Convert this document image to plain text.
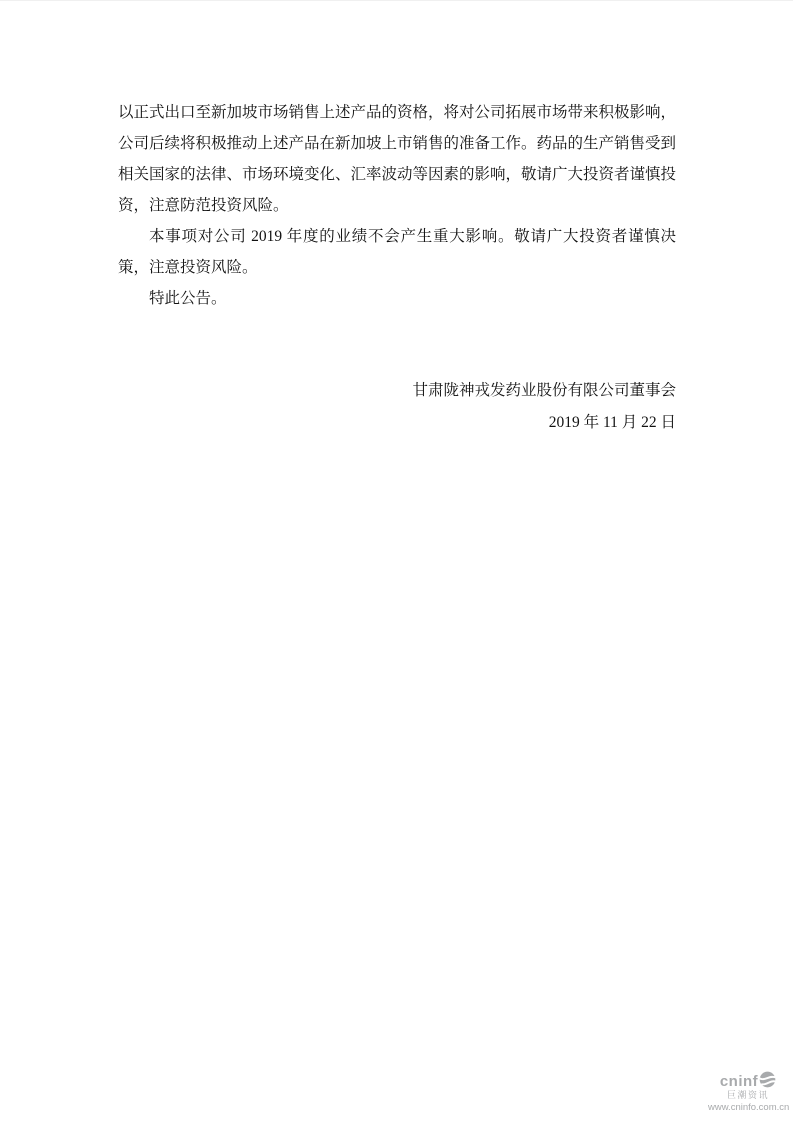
以正式出口至新加坡市场销售上述产品的资格，将对公司拓展市场带来积极影响，公司后续将积极推动上述产品在新加坡上市销售的准备工作。药品的生产销售受到相关国家的法律、市场环境变化、汇率波动等因素的影响，敬请广大投资者谨慎投资，注意防范投资风险。

本事项对公司 2019 年度的业绩不会产生重大影响。敬请广大投资者谨慎决策，注意投资风险。

特此公告。

甘肃陇神戎发药业股份有限公司董事会

2019 年 11 月 22 日

cninf
巨潮资讯
www.cninfo.com.cn
